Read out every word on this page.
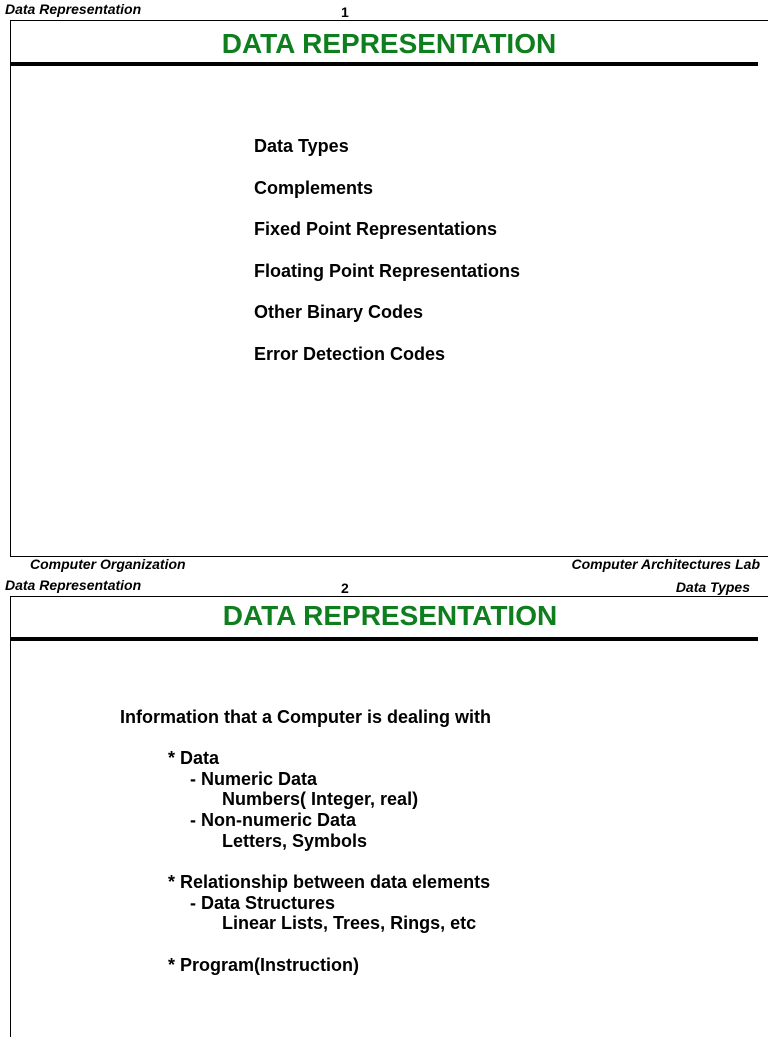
Data Representation	1
DATA REPRESENTATION
Data Types
Complements
Fixed Point Representations
Floating Point Representations
Other Binary Codes
Error Detection Codes
Computer Organization	Computer Architectures Lab
Data Representation	2	Data Types
DATA REPRESENTATION
Information that a Computer is dealing with
* Data
- Numeric Data
Numbers( Integer, real)
- Non-numeric Data
Letters, Symbols
* Relationship between data elements
- Data Structures
Linear Lists, Trees, Rings, etc
* Program(Instruction)
